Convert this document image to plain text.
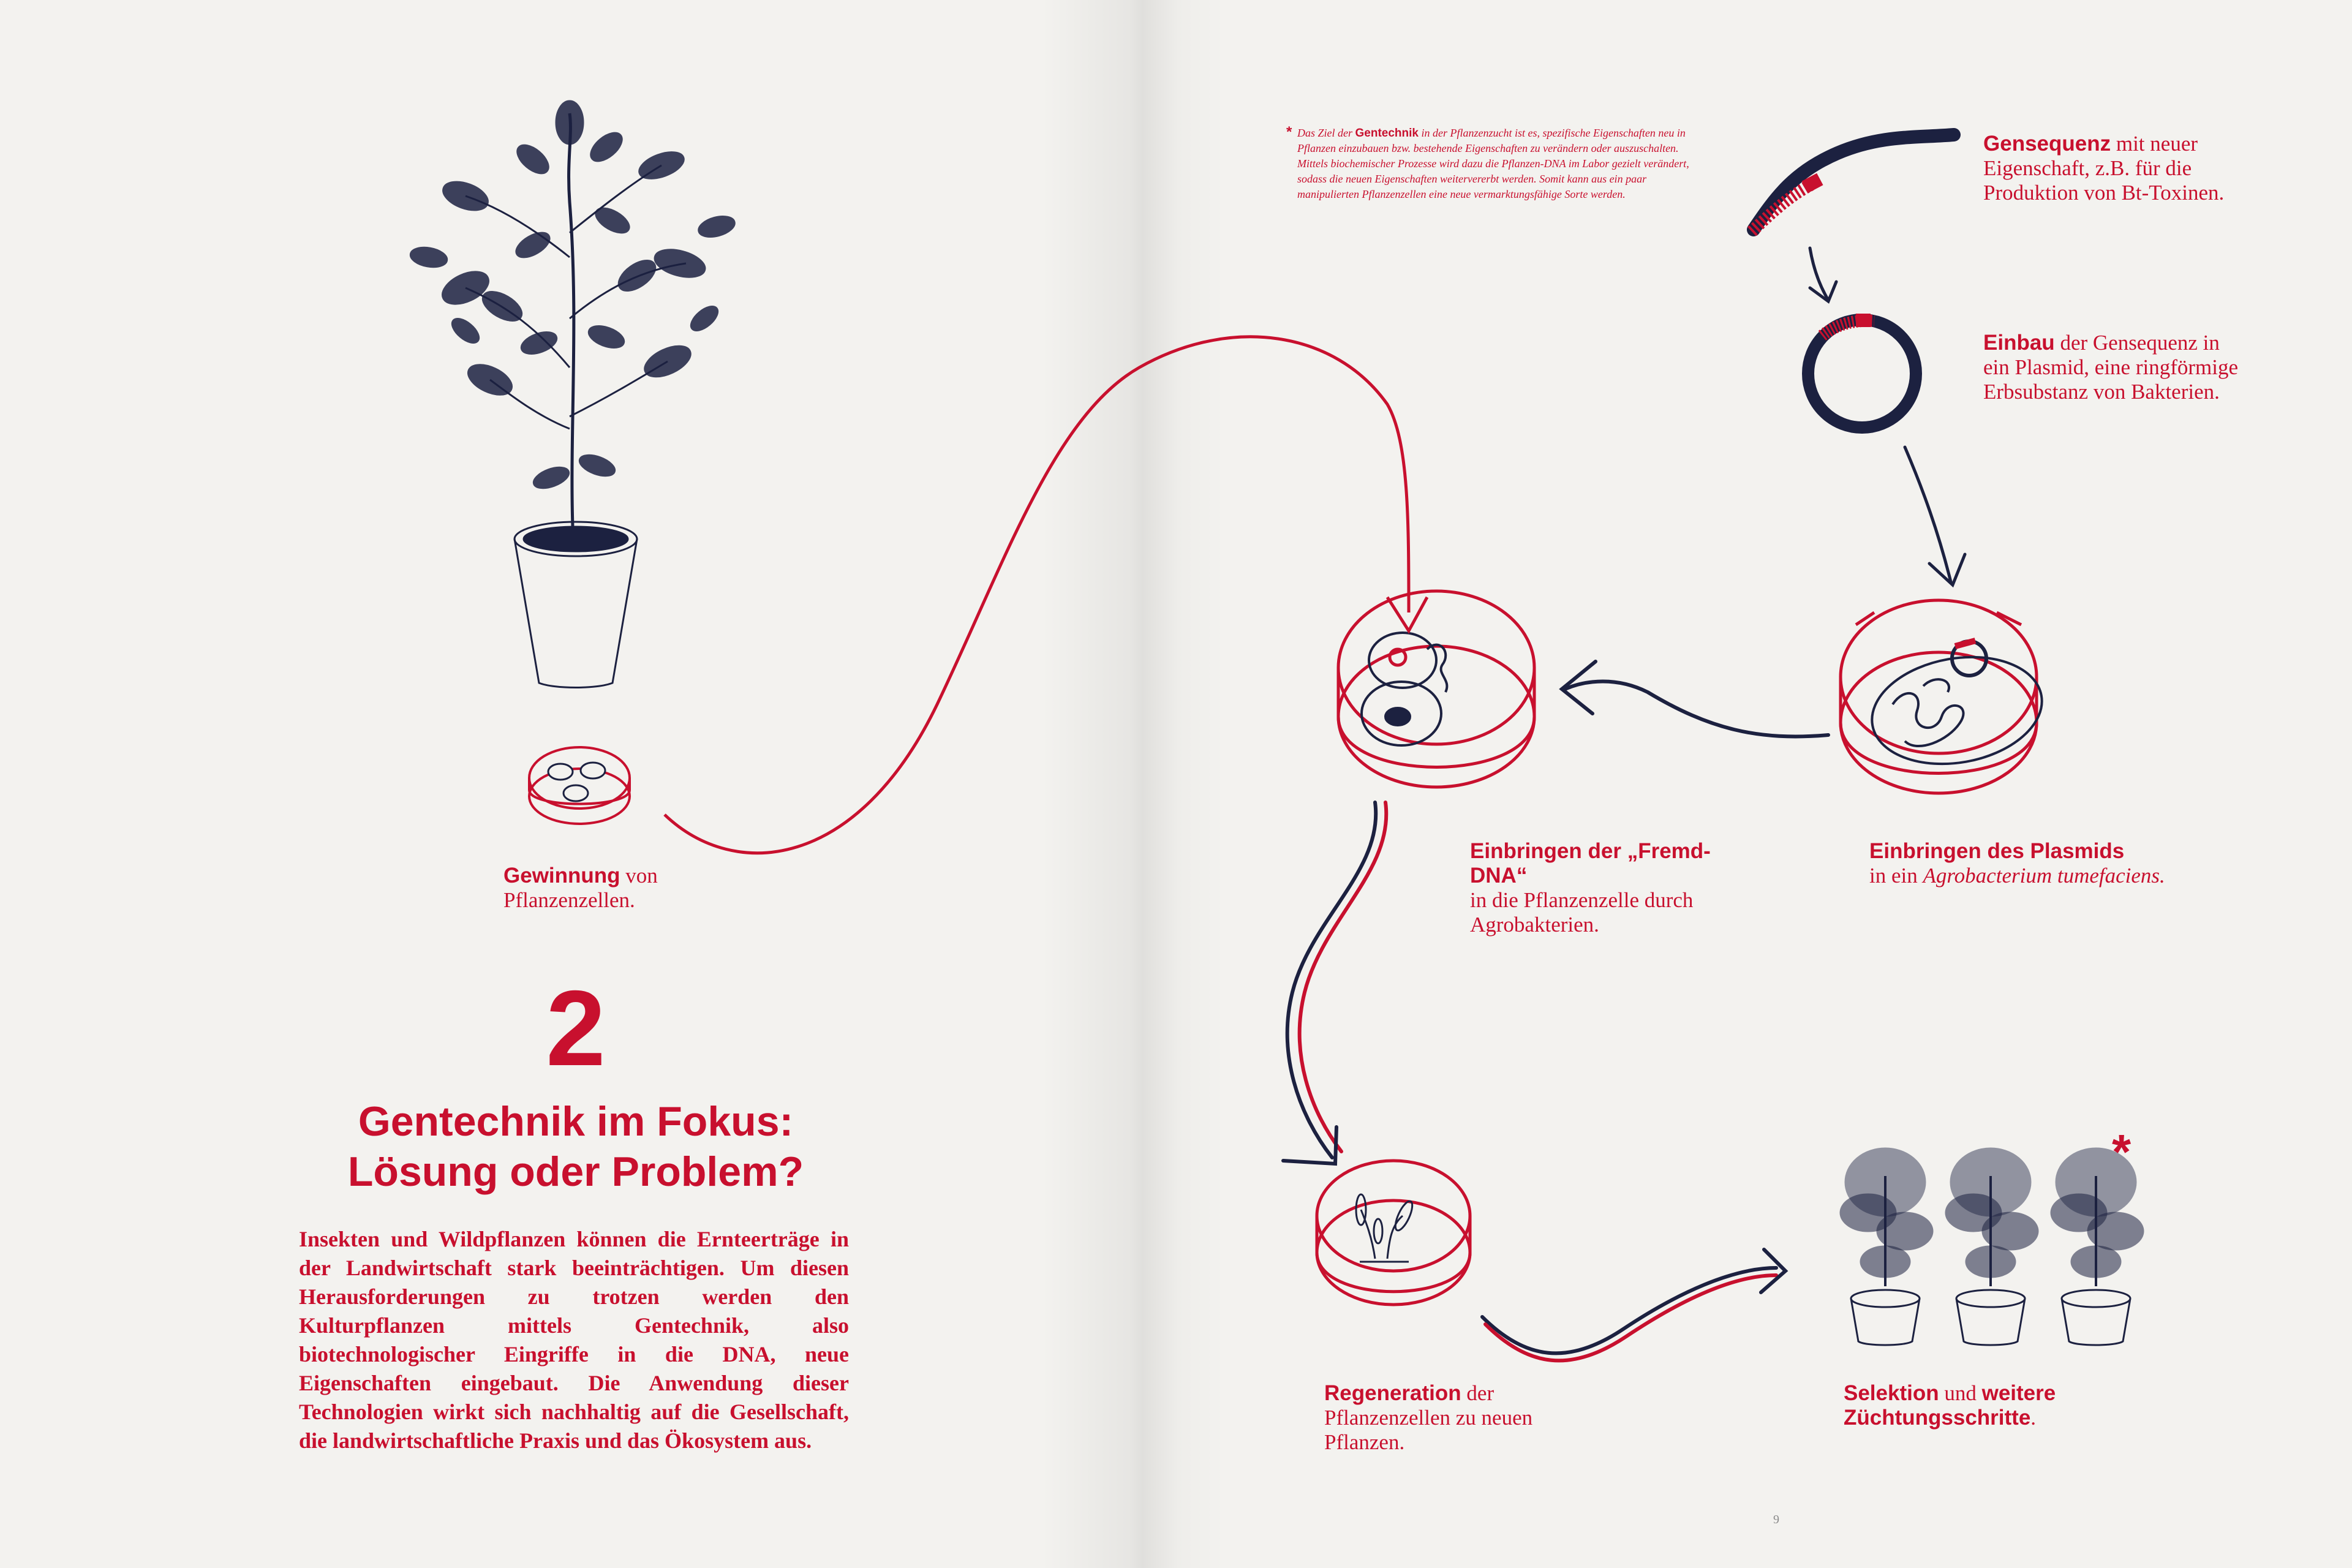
* Das Ziel der Gentechnik in der Pflanzenzucht ist es, spezifische Eigenschaften neu in Pflanzen einzubauen bzw. bestehende Eigenschaften zu verändern oder auszuschalten. Mittels biochemischer Prozesse wird dazu die Pflanzen-DNA im Labor gezielt verändert, sodass die neuen Eigenschaften weitervererbt werden. Somit kann aus ein paar manipulierten Pflanzenzellen eine neue vermarktungsfähige Sorte werden.
Gewinnung von Pflanzenzellen.
Gensequenz mit neuer Eigenschaft, z.B. für die Produktion von Bt-Toxinen.
Einbau der Gensequenz in ein Plasmid, eine ringförmige Erbsubstanz von Bakterien.
Einbringen des Plasmids
in ein Agrobacterium tumefaciens.
Einbringen der „Fremd-DNA“
in die Pflanzenzelle durch Agrobakterien.
Regeneration der Pflanzenzellen zu neuen Pflanzen.
Selektion und weitere Züchtungsschritte.
*
2
Gentechnik im Fokus:
Lösung oder Problem?
Insekten und Wildpflanzen können die Ernteerträge in der Landwirtschaft stark beeinträchtigen. Um diesen Herausforderungen zu trotzen werden den Kulturpflanzen mittels Gentechnik, also biotechnologischer Eingriffe in die DNA, neue Eigenschaften eingebaut. Die Anwendung dieser Technologien wirkt sich nachhaltig auf die Gesellschaft, die landwirtschaftliche Praxis und das Ökosystem aus.
9
